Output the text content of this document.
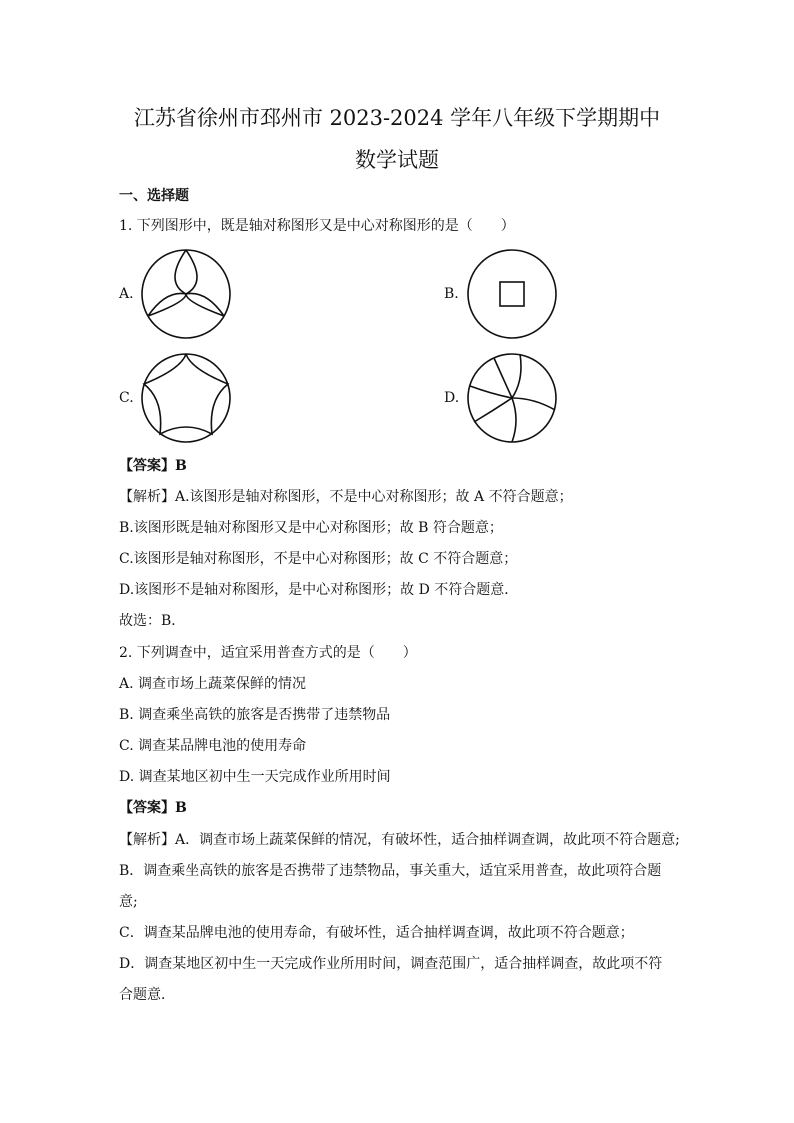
江苏省徐州市邳州市 2023-2024 学年八年级下学期期中
数学试题
一、选择题
1. 下列图形中，既是轴对称图形又是中心对称图形的是（　　）
A.	B.
C.	D.
【答案】B
【解析】A.该图形是轴对称图形，不是中心对称图形；故 A 不符合题意；
B.该图形既是轴对称图形又是中心对称图形；故 B 符合题意；
C.该图形是轴对称图形，不是中心对称图形；故 C 不符合题意；
D.该图形不是轴对称图形，是中心对称图形；故 D 不符合题意．
故选：B．
2. 下列调查中，适宜采用普查方式的是（　　）
A. 调查市场上蔬菜保鲜的情况
B. 调查乘坐高铁的旅客是否携带了违禁物品
C. 调查某品牌电池的使用寿命
D. 调查某地区初中生一天完成作业所用时间
【答案】B
【解析】A．调查市场上蔬菜保鲜的情况，有破坏性，适合抽样调查调，故此项不符合题意;
B．调查乘坐高铁的旅客是否携带了违禁物品，事关重大，适宜采用普查，故此项符合题
意;
C．调查某品牌电池的使用寿命，有破坏性，适合抽样调查调，故此项不符合题意；
D．调查某地区初中生一天完成作业所用时间，调查范围广，适合抽样调查，故此项不符
合题意．
